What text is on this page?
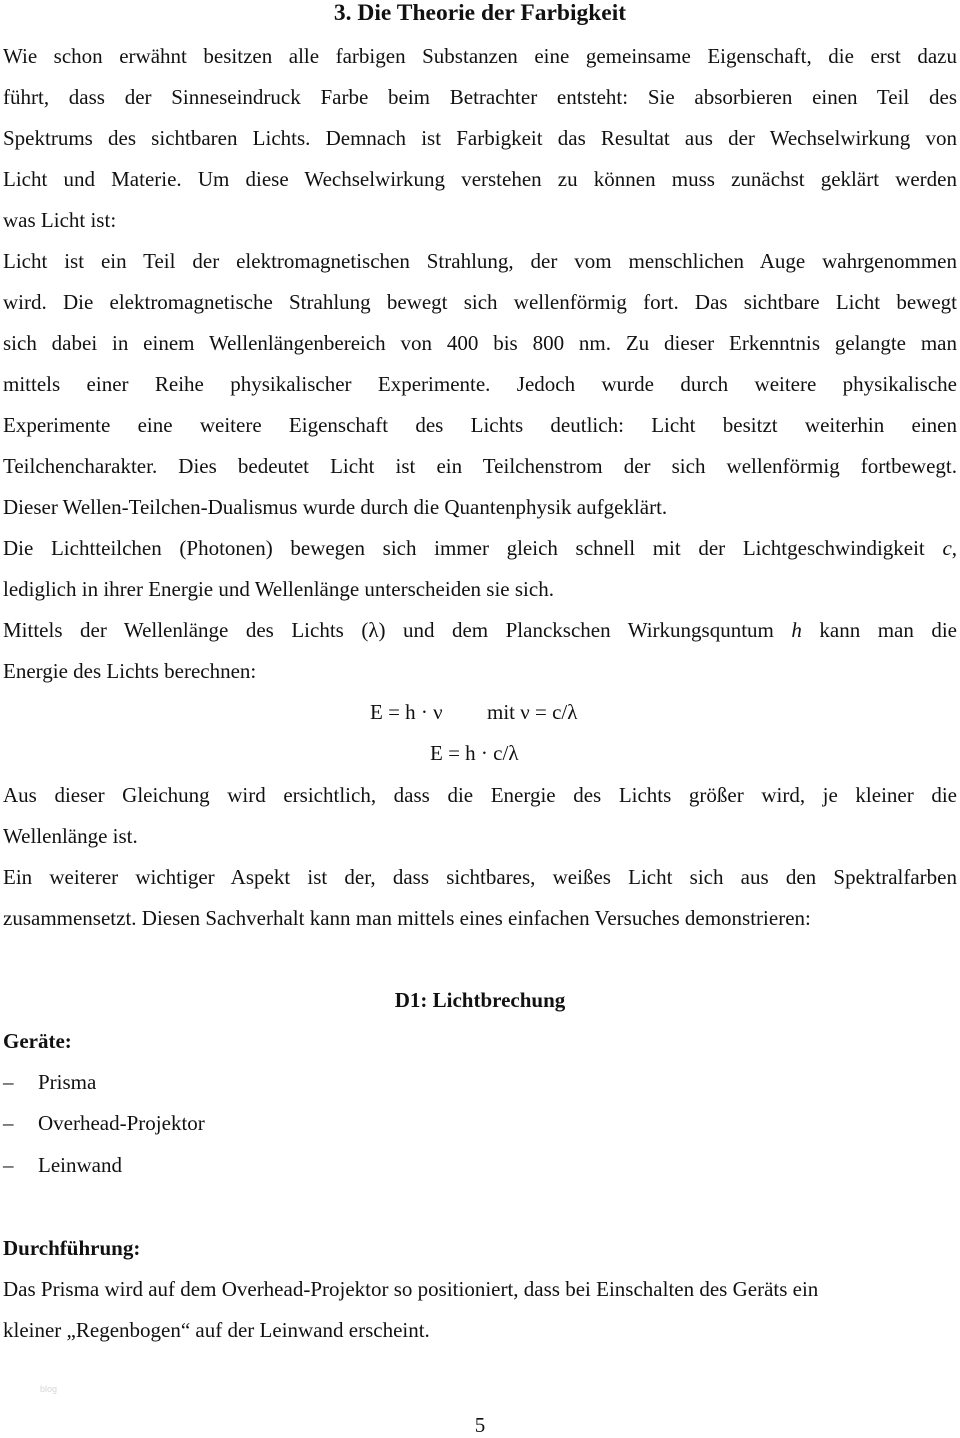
3. Die Theorie der Farbigkeit
Wie schon erwähnt besitzen alle farbigen Substanzen eine gemeinsame Eigenschaft, die erst dazu
führt, dass der Sinneseindruck Farbe beim Betrachter entsteht: Sie absorbieren einen Teil des
Spektrums des sichtbaren Lichts. Demnach ist Farbigkeit das Resultat aus der Wechselwirkung von
Licht und Materie. Um diese Wechselwirkung verstehen zu können muss zunächst geklärt werden
was Licht ist:
Licht ist ein Teil der elektromagnetischen Strahlung, der vom menschlichen Auge wahrgenommen
wird. Die elektromagnetische Strahlung bewegt sich wellenförmig fort. Das sichtbare Licht bewegt
sich dabei in einem Wellenlängenbereich von 400 bis 800 nm. Zu dieser Erkenntnis gelangte man
mittels einer Reihe physikalischer Experimente. Jedoch wurde durch weitere physikalische
Experimente eine weitere Eigenschaft des Lichts deutlich: Licht besitzt weiterhin einen
Teilchencharakter. Dies bedeutet Licht ist ein Teilchenstrom der sich wellenförmig fortbewegt.
Dieser Wellen-Teilchen-Dualismus wurde durch die Quantenphysik aufgeklärt.
Die Lichtteilchen (Photonen) bewegen sich immer gleich schnell mit der Lichtgeschwindigkeit c,
lediglich in ihrer Energie und Wellenlänge unterscheiden sie sich.
Mittels der Wellenlänge des Lichts (λ) und dem Planckschen Wirkungsquntum h kann man die
Energie des Lichts berechnen:
E = h · ν mit ν = c/λ
E = h · c/λ
Aus dieser Gleichung wird ersichtlich, dass die Energie des Lichts größer wird, je kleiner die
Wellenlänge ist.
Ein weiterer wichtiger Aspekt ist der, dass sichtbares, weißes Licht sich aus den Spektralfarben
zusammensetzt. Diesen Sachverhalt kann man mittels eines einfachen Versuches demonstrieren:
D1: Lichtbrechung
Geräte:
– Prisma
– Overhead-Projektor
– Leinwand
Durchführung:
Das Prisma wird auf dem Overhead-Projektor so positioniert, dass bei Einschalten des Geräts ein
kleiner „Regenbogen“ auf der Leinwand erscheint.
blog
5
